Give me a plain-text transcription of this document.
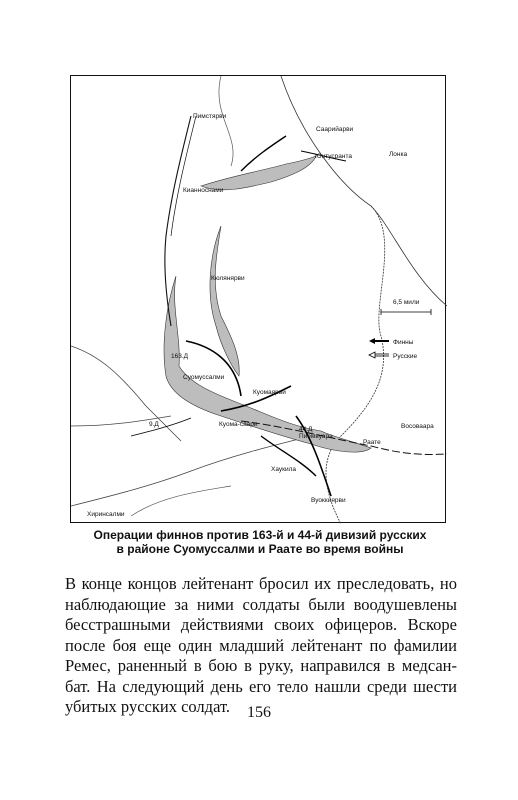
Пимстярви
Саарийарви
Юнтусранта	Лонка
Кианноснами
Кюлянярви
Суомуссалми
Куомаярви
Куома-саари
Пиемвуара
Раате
Восоваара
Хаукила
Вуоккиярви
Хиринсалми
163.Д
44.Д
9.Д
6,5 мили
Финны
Русские
Операции финнов против 163-й и 44-й дивизий русских
в районе Суомуссалми и Раате во время войны
В конце концов лейтенант бросил их преследовать, но
наблюдающие за ними солдаты были воодушевлены
бесстрашными действиями своих офицеров. Вскоре
после боя еще один младший лейтенант по фамилии
Ремес, раненный в бою в руку, направился в медсан-
бат. На следующий день его тело нашли среди шести
убитых русских солдат.	156
